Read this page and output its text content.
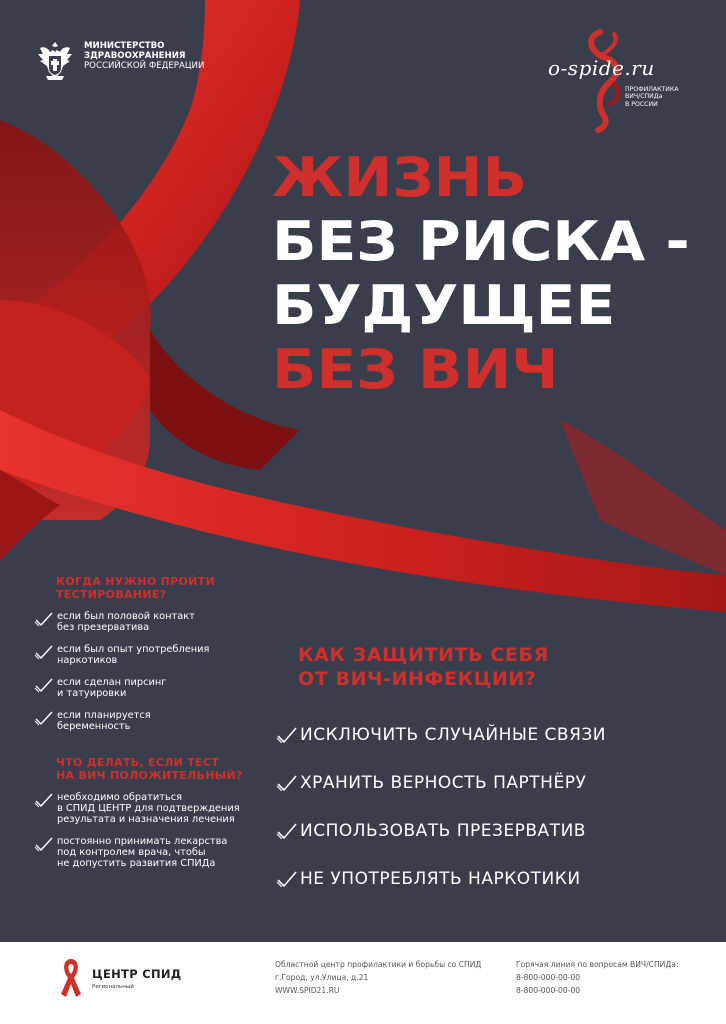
МИНИСТЕРСТВО
ЗДРАВООХРАНЕНИЯ
РОССИЙСКОЙ ФЕДЕРАЦИИ	o-spide.ru
ПРОФИЛАКТИКА
ВИЧ/СПИДа
В РОССИИ
ЖИЗНЬ
БЕЗ РИСКА -
БУДУЩЕЕ
БЕЗ ВИЧ
КОГДА НУЖНО ПРОЙТИ
ТЕСТИРОВАНИЕ?
если был половой контакт
без презерватива
если был опыт употребления
наркотиков
если сделан пирсинг
и татуировки
если планируется
беременность
ЧТО ДЕЛАТЬ, ЕСЛИ ТЕСТ
НА ВИЧ ПОЛОЖИТЕЛЬНЫЙ?
необходимо обратиться
в СПИД ЦЕНТР для подтверждения
результата и назначения лечения
постоянно принимать лекарства
под контролем врача, чтобы
не допустить развития СПИДа
КАК ЗАЩИТИТЬ СЕБЯ
ОТ ВИЧ-ИНФЕКЦИИ?
ИСКЛЮЧИТЬ СЛУЧАЙНЫЕ СВЯЗИ
ХРАНИТЬ ВЕРНОСТЬ ПАРТНЁРУ
ИСПОЛЬЗОВАТЬ ПРЕЗЕРВАТИВ
НЕ УПОТРЕБЛЯТЬ НАРКОТИКИ
ЦЕНТР СПИД
Региональный
Областной центр профилактики и борьбы со СПИД
г.Город, ул.Улица, д.21
WWW.SPID21.RU
Горячая линия по вопросам ВИЧ/СПИДа:
8-800-000-00-00
8-800-000-00-00
